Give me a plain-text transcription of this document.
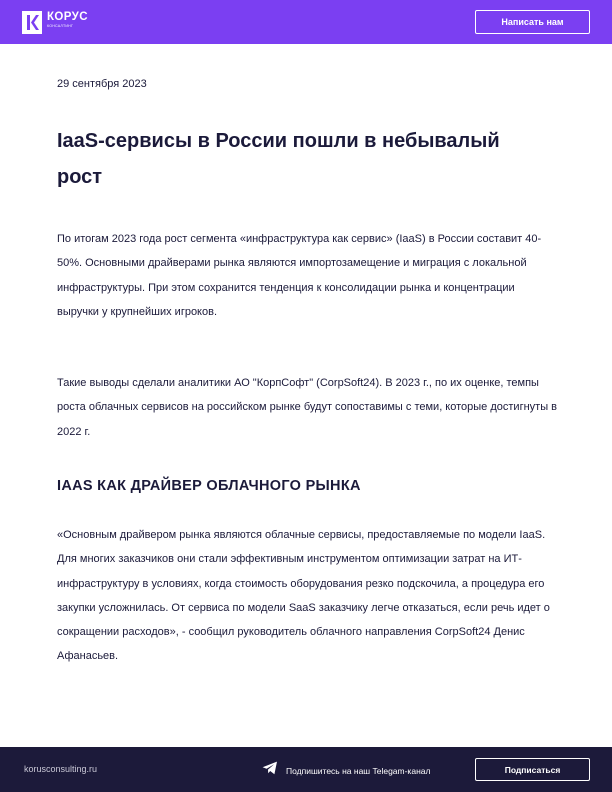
КОРУС
КОНСАЛТИНГ	Написать нам
29 сентября 2023
IaaS-сервисы в России пошли в небывалый рост

По итогам 2023 года рост сегмента «инфраструктура как сервис» (IaaS) в России составит 40-50%. Основными драйверами рынка являются импортозамещение и миграция с локальной инфраструктуры. При этом сохранится тенденция к консолидации рынка и концентрации выручки у крупнейших игроков.

Такие выводы сделали аналитики АО "КорпСофт" (CorpSoft24). В 2023 г., по их оценке, темпы роста облачных сервисов на российском рынке будут сопоставимы с теми, которые достигнуты в 2022 г.

IAAS КАК ДРАЙВЕР ОБЛАЧНОГО РЫНКА

«Основным драйвером рынка являются облачные сервисы, предоставляемые по модели IaaS. Для многих заказчиков они стали эффективным инструментом оптимизации затрат на ИТ-инфраструктуру в условиях, когда стоимость оборудования резко подскочила, а процедура его закупки усложнилась. От сервиса по модели SaaS заказчику легче отказаться, если речь идет о сокращении расходов», - сообщил руководитель облачного направления CorpSoft24 Денис Афанасьев.

korusconsulting.ru	Подпишитесь на наш Telegam-канал	Подписаться
